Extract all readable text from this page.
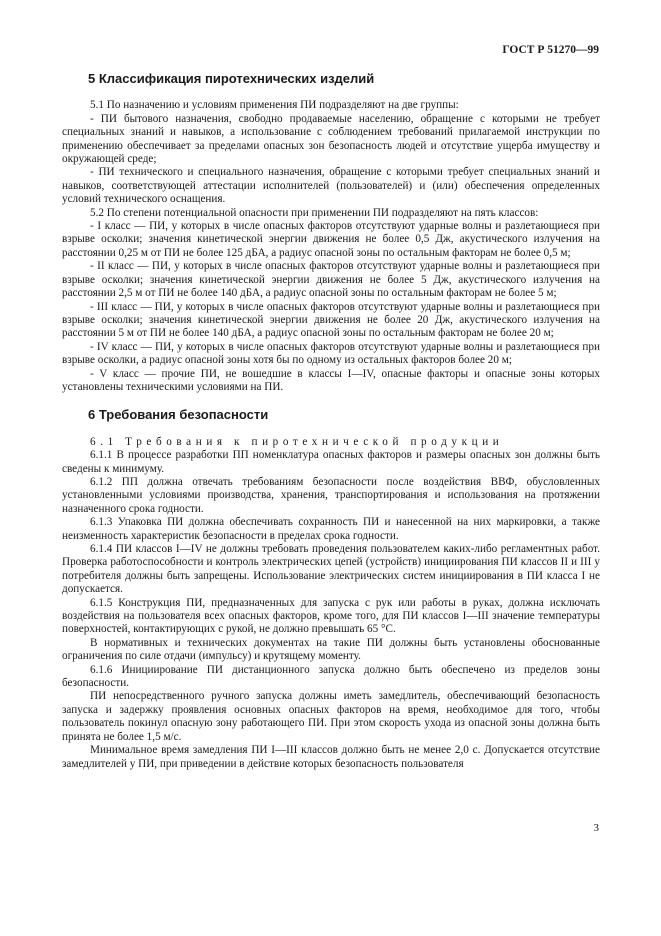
ГОСТ Р 51270—99
5 Классификация пиротехнических изделий

5.1 По назначению и условиям применения ПИ подразделяют на две группы:

- ПИ бытового назначения, свободно продаваемые населению, обращение с которыми не требует специальных знаний и навыков, а использование с соблюдением требований прилагаемой инструкции по применению обеспечивает за пределами опасных зон безопасность людей и отсутствие ущерба имуществу и окружающей среде;

- ПИ технического и специального назначения, обращение с которыми требует специальных знаний и навыков, соответствующей аттестации исполнителей (пользователей) и (или) обеспечения определенных условий технического оснащения.

5.2 По степени потенциальной опасности при применении ПИ подразделяют на пять классов:

- I класс — ПИ, у которых в числе опасных факторов отсутствуют ударные волны и разлетающиеся при взрыве осколки; значения кинетической энергии движения не более 0,5 Дж, акустического излучения на расстоянии 0,25 м от ПИ не более 125 дБА, а радиус опасной зоны по остальным факторам не более 0,5 м;

- II класс — ПИ, у которых в числе опасных факторов отсутствуют ударные волны и разлетающиеся при взрыве осколки; значения кинетической энергии движения не более 5 Дж, акустического излучения на расстоянии 2,5 м от ПИ не более 140 дБА, а радиус опасной зоны по остальным факторам не более 5 м;

- III класс — ПИ, у которых в числе опасных факторов отсутствуют ударные волны и разлетающиеся при взрыве осколки; значения кинетической энергии движения не более 20 Дж, акустического излучения на расстоянии 5 м от ПИ не более 140 дБА, а радиус опасной зоны по остальным факторам не более 20 м;

- IV класс — ПИ, у которых в числе опасных факторов отсутствуют ударные волны и разлетающиеся при взрыве осколки, а радиус опасной зоны хотя бы по одному из остальных факторов более 20 м;

- V класс — прочие ПИ, не вошедшие в классы I—IV, опасные факторы и опасные зоны которых установлены техническими условиями на ПИ.

6 Требования безопасности

6.1 Требования к пиротехнической продукции

6.1.1 В процессе разработки ПП номенклатура опасных факторов и размеры опасных зон должны быть сведены к минимуму.

6.1.2 ПП должна отвечать требованиям безопасности после воздействия ВВФ, обусловленных установленными условиями производства, хранения, транспортирования и использования на протяжении назначенного срока годности.

6.1.3 Упаковка ПИ должна обеспечивать сохранность ПИ и нанесенной на них маркировки, а также неизменность характеристик безопасности в пределах срока годности.

6.1.4 ПИ классов I—IV не должны требовать проведения пользователем каких-либо регламентных работ. Проверка работоспособности и контроль электрических цепей (устройств) инициирования ПИ классов II и III у потребителя должны быть запрещены. Использование электрических систем инициирования в ПИ класса I не допускается.

6.1.5 Конструкция ПИ, предназначенных для запуска с рук или работы в руках, должна исключать воздействия на пользователя всех опасных факторов, кроме того, для ПИ классов I—III значение температуры поверхностей, контактирующих с рукой, не должно превышать 65 °С.

В нормативных и технических документах на такие ПИ должны быть установлены обоснованные ограничения по силе отдачи (импульсу) и крутящему моменту.

6.1.6 Инициирование ПИ дистанционного запуска должно быть обеспечено из пределов зоны безопасности.

ПИ непосредственного ручного запуска должны иметь замедлитель, обеспечивающий безопасность запуска и задержку проявления основных опасных факторов на время, необходимое для того, чтобы пользователь покинул опасную зону работающего ПИ. При этом скорость ухода из опасной зоны должна быть принята не более 1,5 м/с.

Минимальное время замедления ПИ I—III классов должно быть не менее 2,0 с. Допускается отсутствие замедлителей у ПИ, при приведении в действие которых безопасность пользователя

3
